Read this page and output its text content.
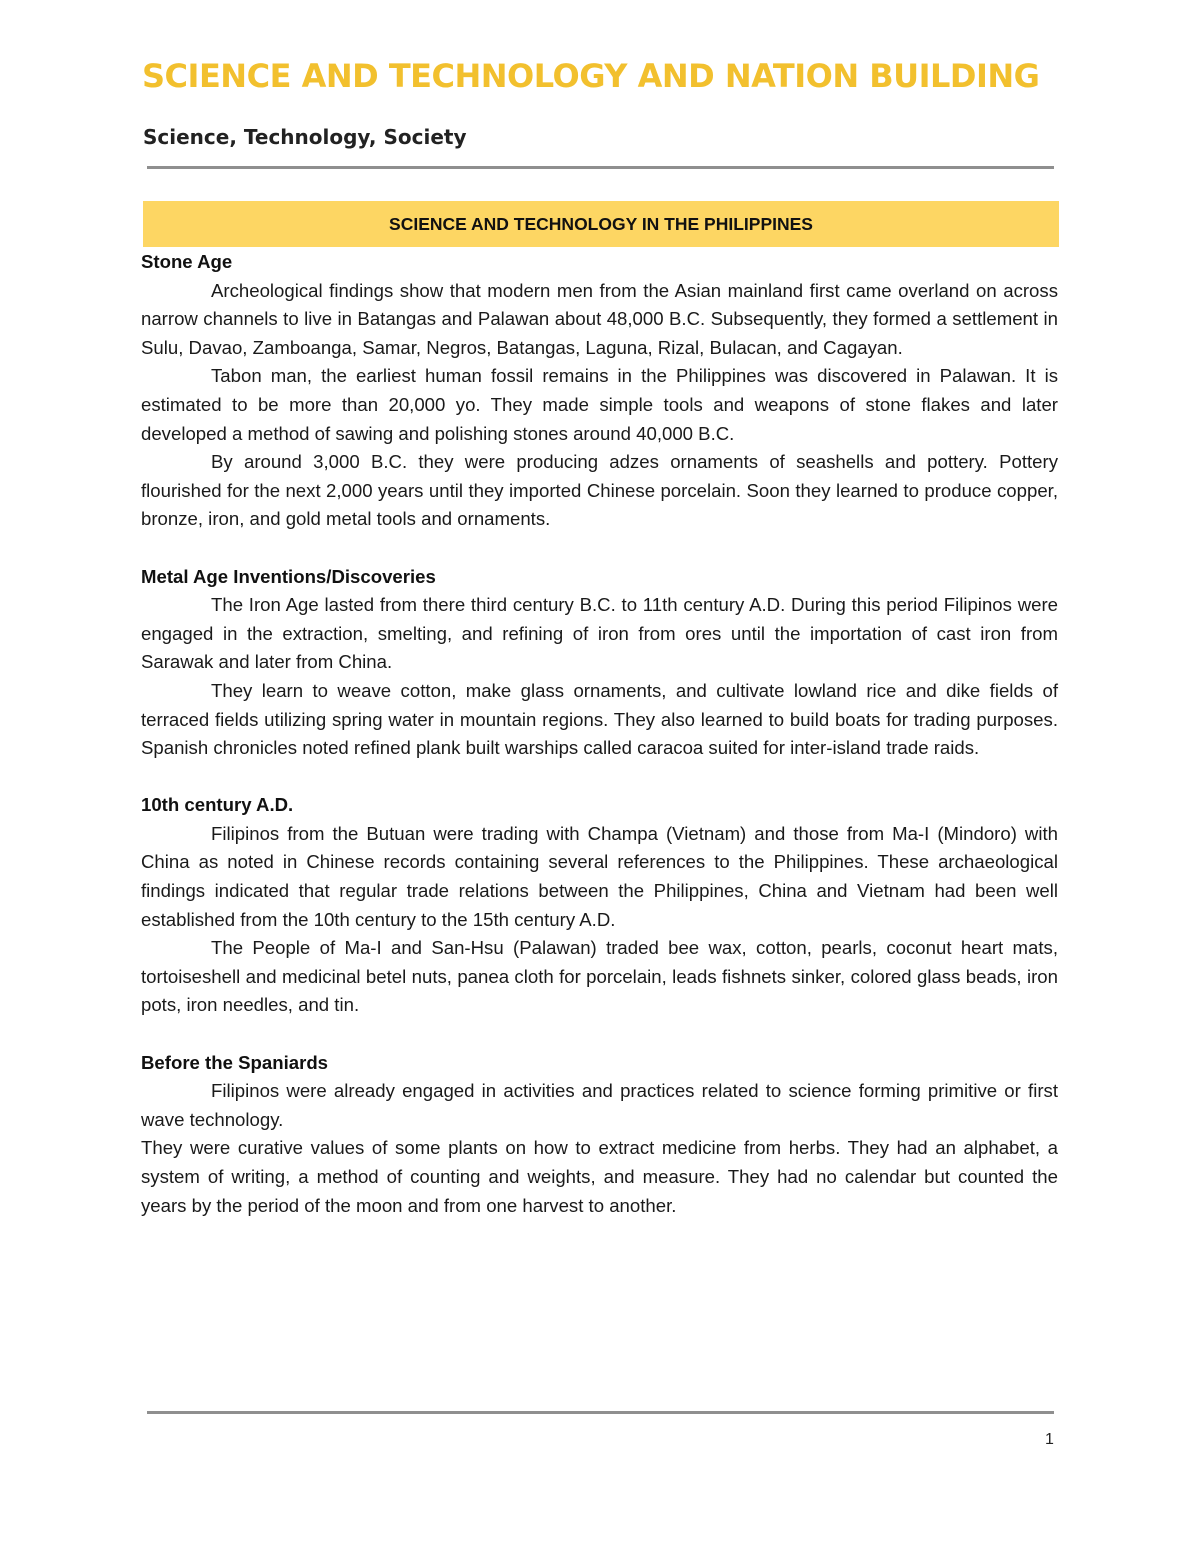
SCIENCE AND TECHNOLOGY AND NATION BUILDING
Science, Technology, Society
SCIENCE AND TECHNOLOGY IN THE PHILIPPINES
Stone Age

Archeological findings show that modern men from the Asian mainland first came overland on across narrow channels to live in Batangas and Palawan about 48,000 B.C. Subsequently, they formed a settlement in Sulu, Davao, Zamboanga, Samar, Negros, Batangas, Laguna, Rizal, Bulacan, and Cagayan.

Tabon man, the earliest human fossil remains in the Philippines was discovered in Palawan. It is estimated to be more than 20,000 yo. They made simple tools and weapons of stone flakes and later developed a method of sawing and polishing stones around 40,000 B.C.

By around 3,000 B.C. they were producing adzes ornaments of seashells and pottery. Pottery flourished for the next 2,000 years until they imported Chinese porcelain. Soon they learned to produce copper, bronze, iron, and gold metal tools and ornaments.

Metal Age Inventions/Discoveries

The Iron Age lasted from there third century B.C. to 11th century A.D. During this period Filipinos were engaged in the extraction, smelting, and refining of iron from ores until the importation of cast iron from Sarawak and later from China.

They learn to weave cotton, make glass ornaments, and cultivate lowland rice and dike fields of terraced fields utilizing spring water in mountain regions. They also learned to build boats for trading purposes. Spanish chronicles noted refined plank built warships called caracoa suited for inter-island trade raids.

10th century A.D.

Filipinos from the Butuan were trading with Champa (Vietnam) and those from Ma-I (Mindoro) with China as noted in Chinese records containing several references to the Philippines. These archaeological findings indicated that regular trade relations between the Philippines, China and Vietnam had been well established from the 10th century to the 15th century A.D.

The People of Ma-I and San-Hsu (Palawan) traded bee wax, cotton, pearls, coconut heart mats, tortoiseshell and medicinal betel nuts, panea cloth for porcelain, leads fishnets sinker, colored glass beads, iron pots, iron needles, and tin.

Before the Spaniards

Filipinos were already engaged in activities and practices related to science forming primitive or first wave technology.

They were curative values of some plants on how to extract medicine from herbs. They had an alphabet, a system of writing, a method of counting and weights, and measure. They had no calendar but counted the years by the period of the moon and from one harvest to another.

1
